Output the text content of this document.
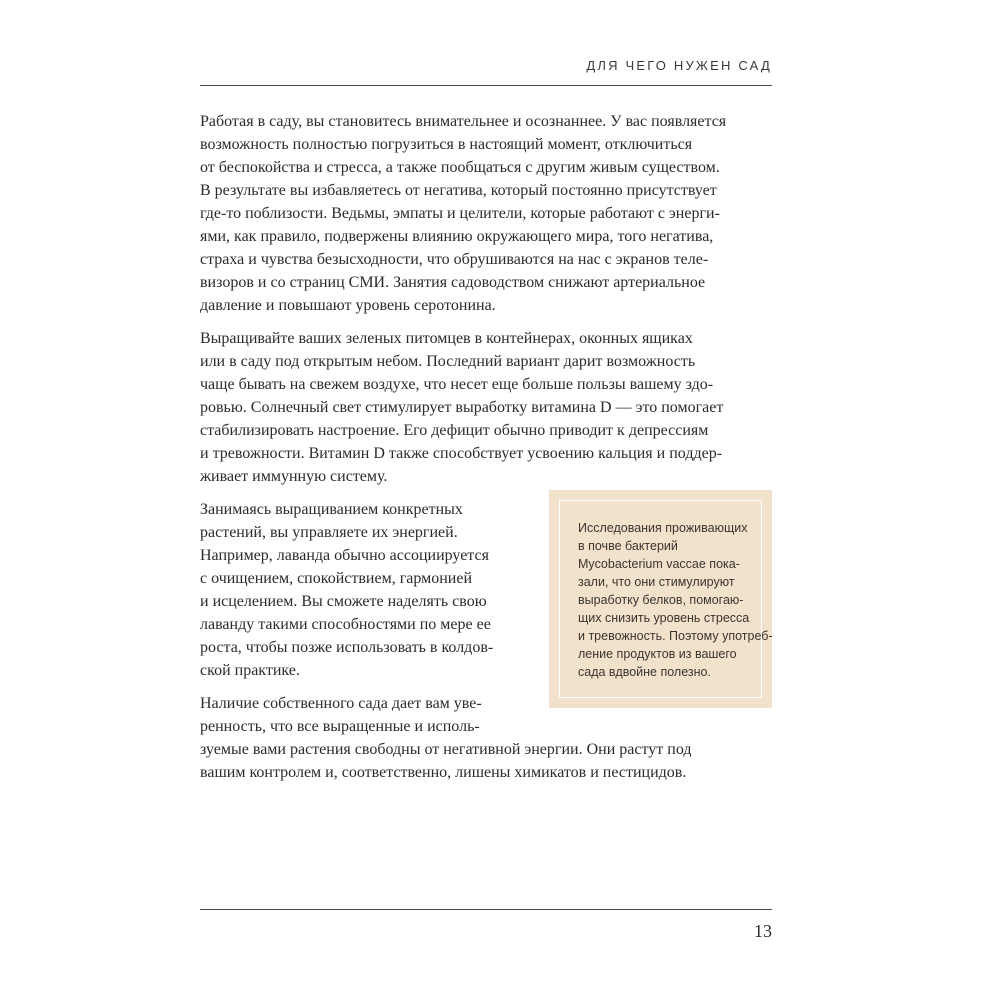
ДЛЯ ЧЕГО НУЖЕН САД
Работая в саду, вы становитесь внимательнее и осознаннее. У вас появляется
возможность полностью погрузиться в настоящий момент, отключиться
от беспокойства и стресса, а также пообщаться с другим живым существом.
В результате вы избавляетесь от негатива, который постоянно присутствует
где-то поблизости. Ведьмы, эмпаты и целители, которые работают с энерги-
ями, как правило, подвержены влиянию окружающего мира, того негатива,
страха и чувства безысходности, что обрушиваются на нас с экранов теле-
визоров и со страниц СМИ. Занятия садоводством снижают артериальное
давление и повышают уровень серотонина.
Выращивайте ваших зеленых питомцев в контейнерах, оконных ящиках
или в саду под открытым небом. Последний вариант дарит возможность
чаще бывать на свежем воздухе, что несет еще больше пользы вашему здо-
ровью. Солнечный свет стимулирует выработку витамина D — это помогает
стабилизировать настроение. Его дефицит обычно приводит к депрессиям
и тревожности. Витамин D также способствует усвоению кальция и поддер-
живает иммунную систему.
Занимаясь выращиванием конкретных
растений, вы управляете их энергией.
Например, лаванда обычно ассоциируется
с очищением, спокойствием, гармонией
и исцелением. Вы сможете наделять свою
лаванду такими способностями по мере ее
роста, чтобы позже использовать в колдов-
ской практике.
Наличие собственного сада дает вам уве-
ренность, что все выращенные и исполь-
зуемые вами растения свободны от негативной энергии. Они растут под
вашим контролем и, соответственно, лишены химикатов и пестицидов.
Исследования проживающих
в почве бактерий
Mycobacterium vaccae пока-
зали, что они стимулируют
выработку белков, помогаю-
щих снизить уровень стресса
и тревожность. Поэтому употреб-
ление продуктов из вашего
сада вдвойне полезно.
13
